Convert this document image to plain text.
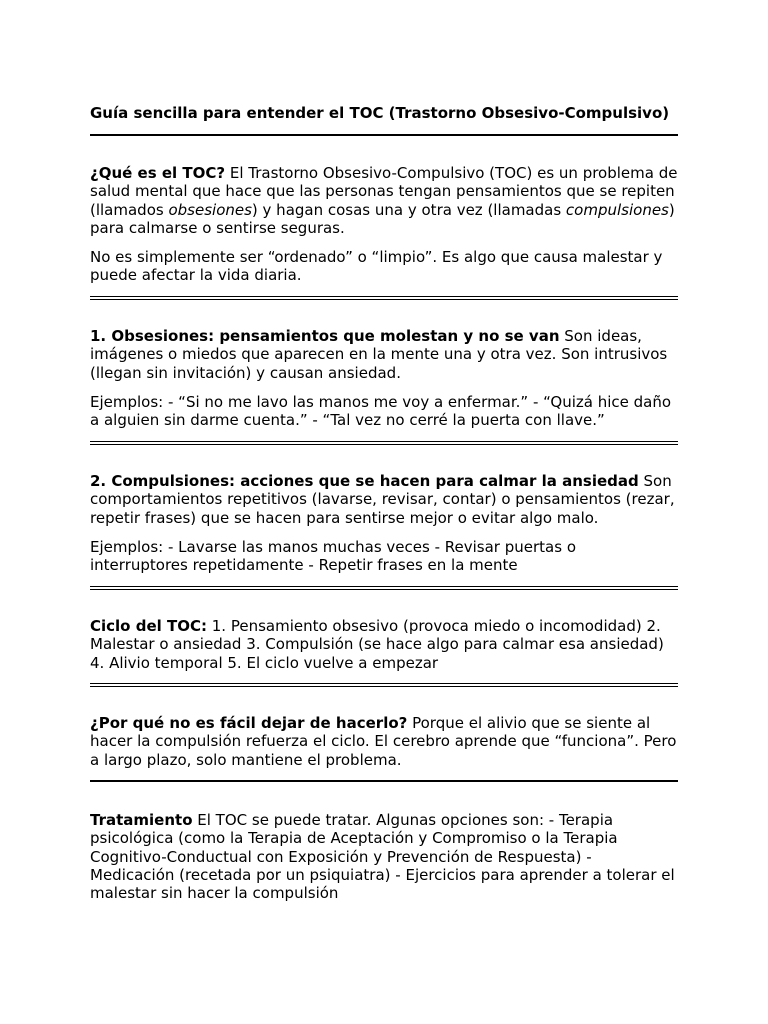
Guía sencilla para entender el TOC (Trastorno Obsesivo-Compulsivo)

¿Qué es el TOC? El Trastorno Obsesivo-Compulsivo (TOC) es un problema de salud mental que hace que las personas tengan pensamientos que se repiten (llamados obsesiones) y hagan cosas una y otra vez (llamadas compulsiones) para calmarse o sentirse seguras.

No es simplemente ser “ordenado” o “limpio”. Es algo que causa malestar y puede afectar la vida diaria.

1. Obsesiones: pensamientos que molestan y no se van Son ideas, imágenes o miedos que aparecen en la mente una y otra vez. Son intrusivos (llegan sin invitación) y causan ansiedad.

Ejemplos: - “Si no me lavo las manos me voy a enfermar.” - “Quizá hice daño a alguien sin darme cuenta.” - “Tal vez no cerré la puerta con llave.”

2. Compulsiones: acciones que se hacen para calmar la ansiedad Son comportamientos repetitivos (lavarse, revisar, contar) o pensamientos (rezar, repetir frases) que se hacen para sentirse mejor o evitar algo malo.

Ejemplos: - Lavarse las manos muchas veces - Revisar puertas o interruptores repetidamente - Repetir frases en la mente

Ciclo del TOC: 1. Pensamiento obsesivo (provoca miedo o incomodidad) 2. Malestar o ansiedad 3. Compulsión (se hace algo para calmar esa ansiedad) 4. Alivio temporal 5. El ciclo vuelve a empezar

¿Por qué no es fácil dejar de hacerlo? Porque el alivio que se siente al hacer la compulsión refuerza el ciclo. El cerebro aprende que “funciona”. Pero a largo plazo, solo mantiene el problema.

Tratamiento El TOC se puede tratar. Algunas opciones son: - Terapia psicológica (como la Terapia de Aceptación y Compromiso o la Terapia Cognitivo-Conductual con Exposición y Prevención de Respuesta) - Medicación (recetada por un psiquiatra) - Ejercicios para aprender a tolerar el malestar sin hacer la compulsión
